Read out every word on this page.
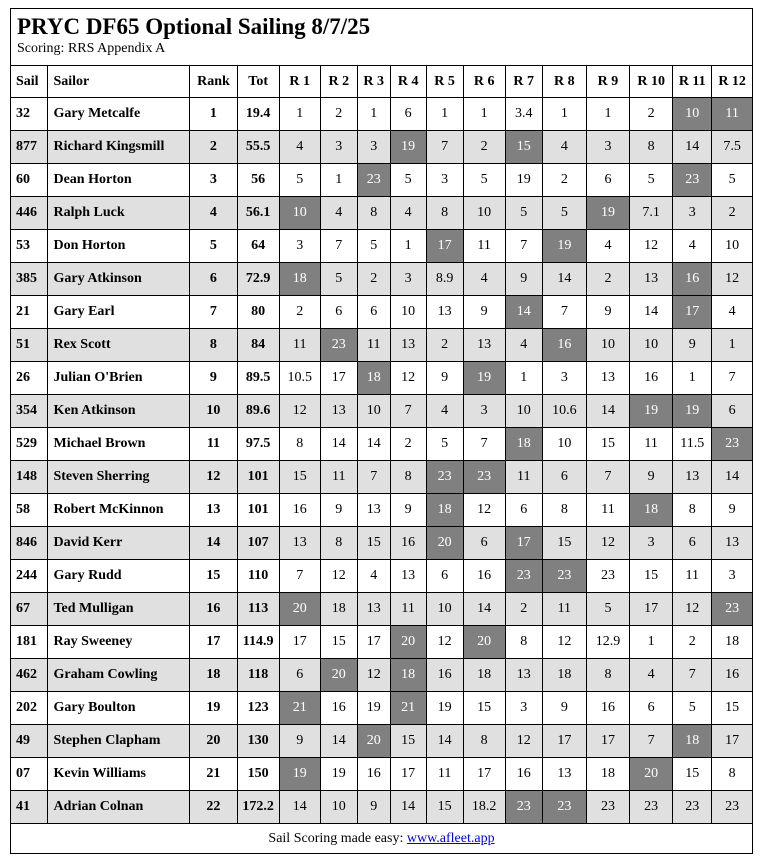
PRYC DF65 Optional Sailing 8/7/25
Scoring: RRS Appendix A
Sail	Sailor	Rank	Tot	R 1	R 2	R 3	R 4	R 5	R 6	R 7	R 8	R 9	R 10	R 11	R 12
32	Gary Metcalfe	1	19.4	1	2	1	6	1	1	3.4	1	1	2	10	11
877	Richard Kingsmill	2	55.5	4	3	3	19	7	2	15	4	3	8	14	7.5
60	Dean Horton	3	56	5	1	23	5	3	5	19	2	6	5	23	5
446	Ralph Luck	4	56.1	10	4	8	4	8	10	5	5	19	7.1	3	2
53	Don Horton	5	64	3	7	5	1	17	11	7	19	4	12	4	10
385	Gary Atkinson	6	72.9	18	5	2	3	8.9	4	9	14	2	13	16	12
21	Gary Earl	7	80	2	6	6	10	13	9	14	7	9	14	17	4
51	Rex Scott	8	84	11	23	11	13	2	13	4	16	10	10	9	1
26	Julian O'Brien	9	89.5	10.5	17	18	12	9	19	1	3	13	16	1	7
354	Ken Atkinson	10	89.6	12	13	10	7	4	3	10	10.6	14	19	19	6
529	Michael Brown	11	97.5	8	14	14	2	5	7	18	10	15	11	11.5	23
148	Steven Sherring	12	101	15	11	7	8	23	23	11	6	7	9	13	14
58	Robert McKinnon	13	101	16	9	13	9	18	12	6	8	11	18	8	9
846	David Kerr	14	107	13	8	15	16	20	6	17	15	12	3	6	13
244	Gary Rudd	15	110	7	12	4	13	6	16	23	23	23	15	11	3
67	Ted Mulligan	16	113	20	18	13	11	10	14	2	11	5	17	12	23
181	Ray Sweeney	17	114.9	17	15	17	20	12	20	8	12	12.9	1	2	18
462	Graham Cowling	18	118	6	20	12	18	16	18	13	18	8	4	7	16
202	Gary Boulton	19	123	21	16	19	21	19	15	3	9	16	6	5	15
49	Stephen Clapham	20	130	9	14	20	15	14	8	12	17	17	7	18	17
07	Kevin Williams	21	150	19	19	16	17	11	17	16	13	18	20	15	8
41	Adrian Colnan	22	172.2	14	10	9	14	15	18.2	23	23	23	23	23	23
Sail Scoring made easy: www.afleet.app
